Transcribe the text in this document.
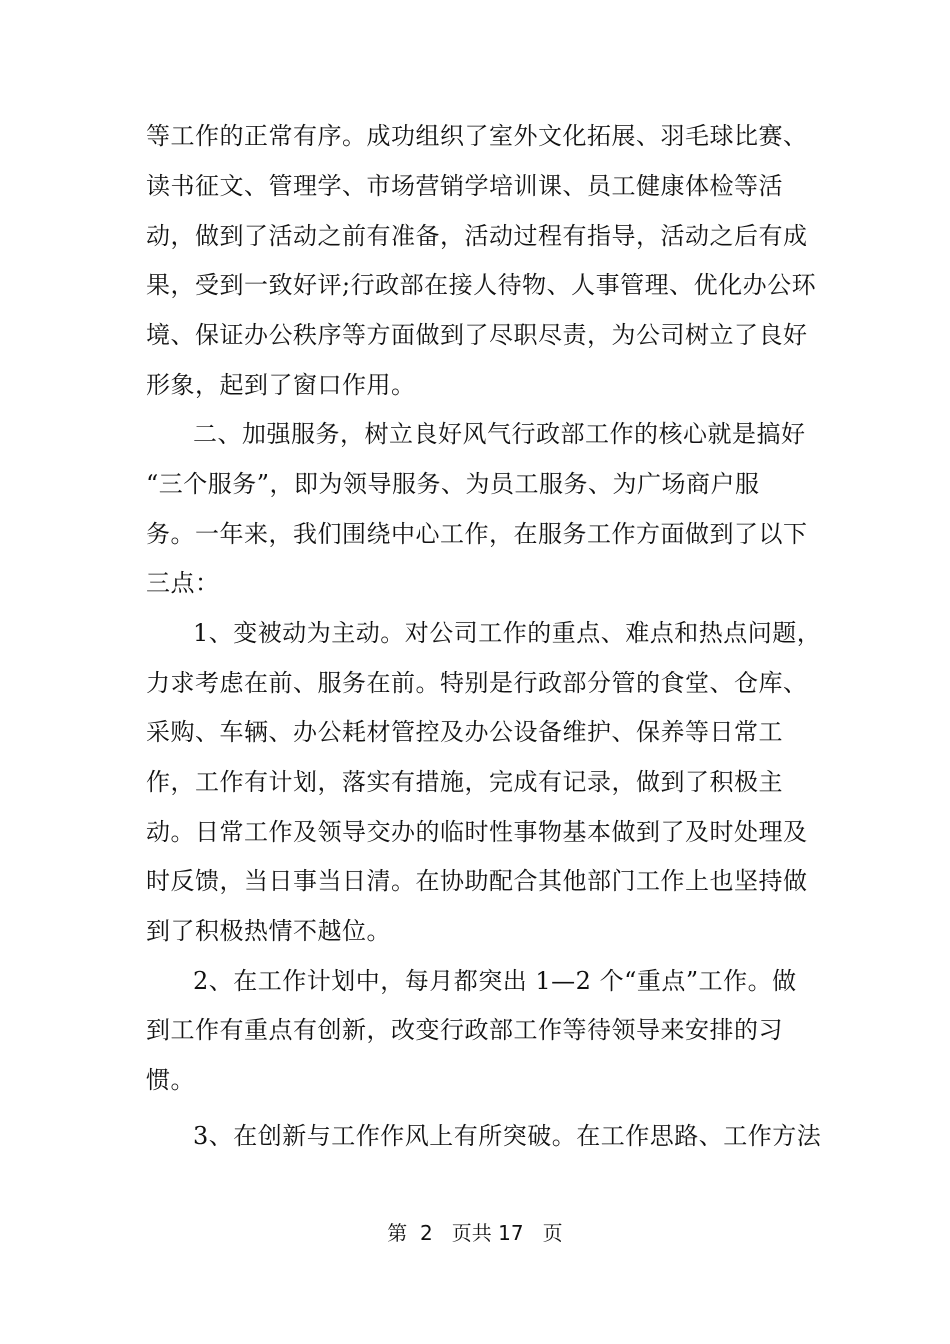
等工作的正常有序。成功组织了室外文化拓展、羽毛球比赛、
读书征文、管理学、市场营销学培训课、员工健康体检等活
动，做到了活动之前有准备，活动过程有指导，活动之后有成
果，受到一致好评;行政部在接人待物、人事管理、优化办公环
境、保证办公秩序等方面做到了尽职尽责，为公司树立了良好
形象，起到了窗口作用。
二、加强服务，树立良好风气行政部工作的核心就是搞好
“三个服务”，即为领导服务、为员工服务、为广场商户服
务。一年来，我们围绕中心工作，在服务工作方面做到了以下
三点：
1、变被动为主动。对公司工作的重点、难点和热点问题，
力求考虑在前、服务在前。特别是行政部分管的食堂、仓库、
采购、车辆、办公耗材管控及办公设备维护、保养等日常工
作，工作有计划，落实有措施，完成有记录，做到了积极主
动。日常工作及领导交办的临时性事物基本做到了及时处理及
时反馈，当日事当日清。在协助配合其他部门工作上也坚持做
到了积极热情不越位。
2、在工作计划中，每月都突出 1—2 个“重点”工作。做
到工作有重点有创新，改变行政部工作等待领导来安排的习
惯。
3、在创新与工作作风上有所突破。在工作思路、工作方法
第  2   页共 17   页
